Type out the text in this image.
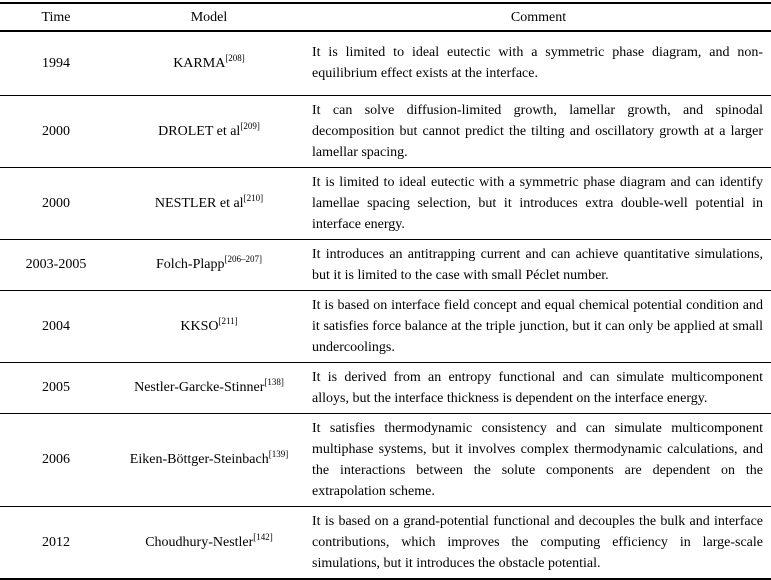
Time	Model	Comment
1994	KARMA[208]	It is limited to ideal eutectic with a symmetric phase diagram, and non-equilibrium effect exists at the interface.
2000	DROLET et al[209]	It can solve diffusion-limited growth, lamellar growth, and spinodal decomposition but cannot predict the tilting and oscillatory growth at a larger lamellar spacing.
2000	NESTLER et al[210]	It is limited to ideal eutectic with a symmetric phase diagram and can identify lamellae spacing selection, but it introduces extra double-well potential in interface energy.
2003-2005	Folch-Plapp[206–207]	It introduces an antitrapping current and can achieve quantitative simulations, but it is limited to the case with small Péclet number.
2004	KKSO[211]	It is based on interface field concept and equal chemical potential condition and it satisfies force balance at the triple junction, but it can only be applied at small undercoolings.
2005	Nestler-Garcke-Stinner[138]	It is derived from an entropy functional and can simulate multicomponent alloys, but the interface thickness is dependent on the interface energy.
2006	Eiken-Böttger-Steinbach[139]	It satisfies thermodynamic consistency and can simulate multicomponent multiphase systems, but it involves complex thermodynamic calculations, and the interactions between the solute components are dependent on the extrapolation scheme.
2012	Choudhury-Nestler[142]	It is based on a grand-potential functional and decouples the bulk and interface contributions, which improves the computing efficiency in large-scale simulations, but it introduces the obstacle potential.
